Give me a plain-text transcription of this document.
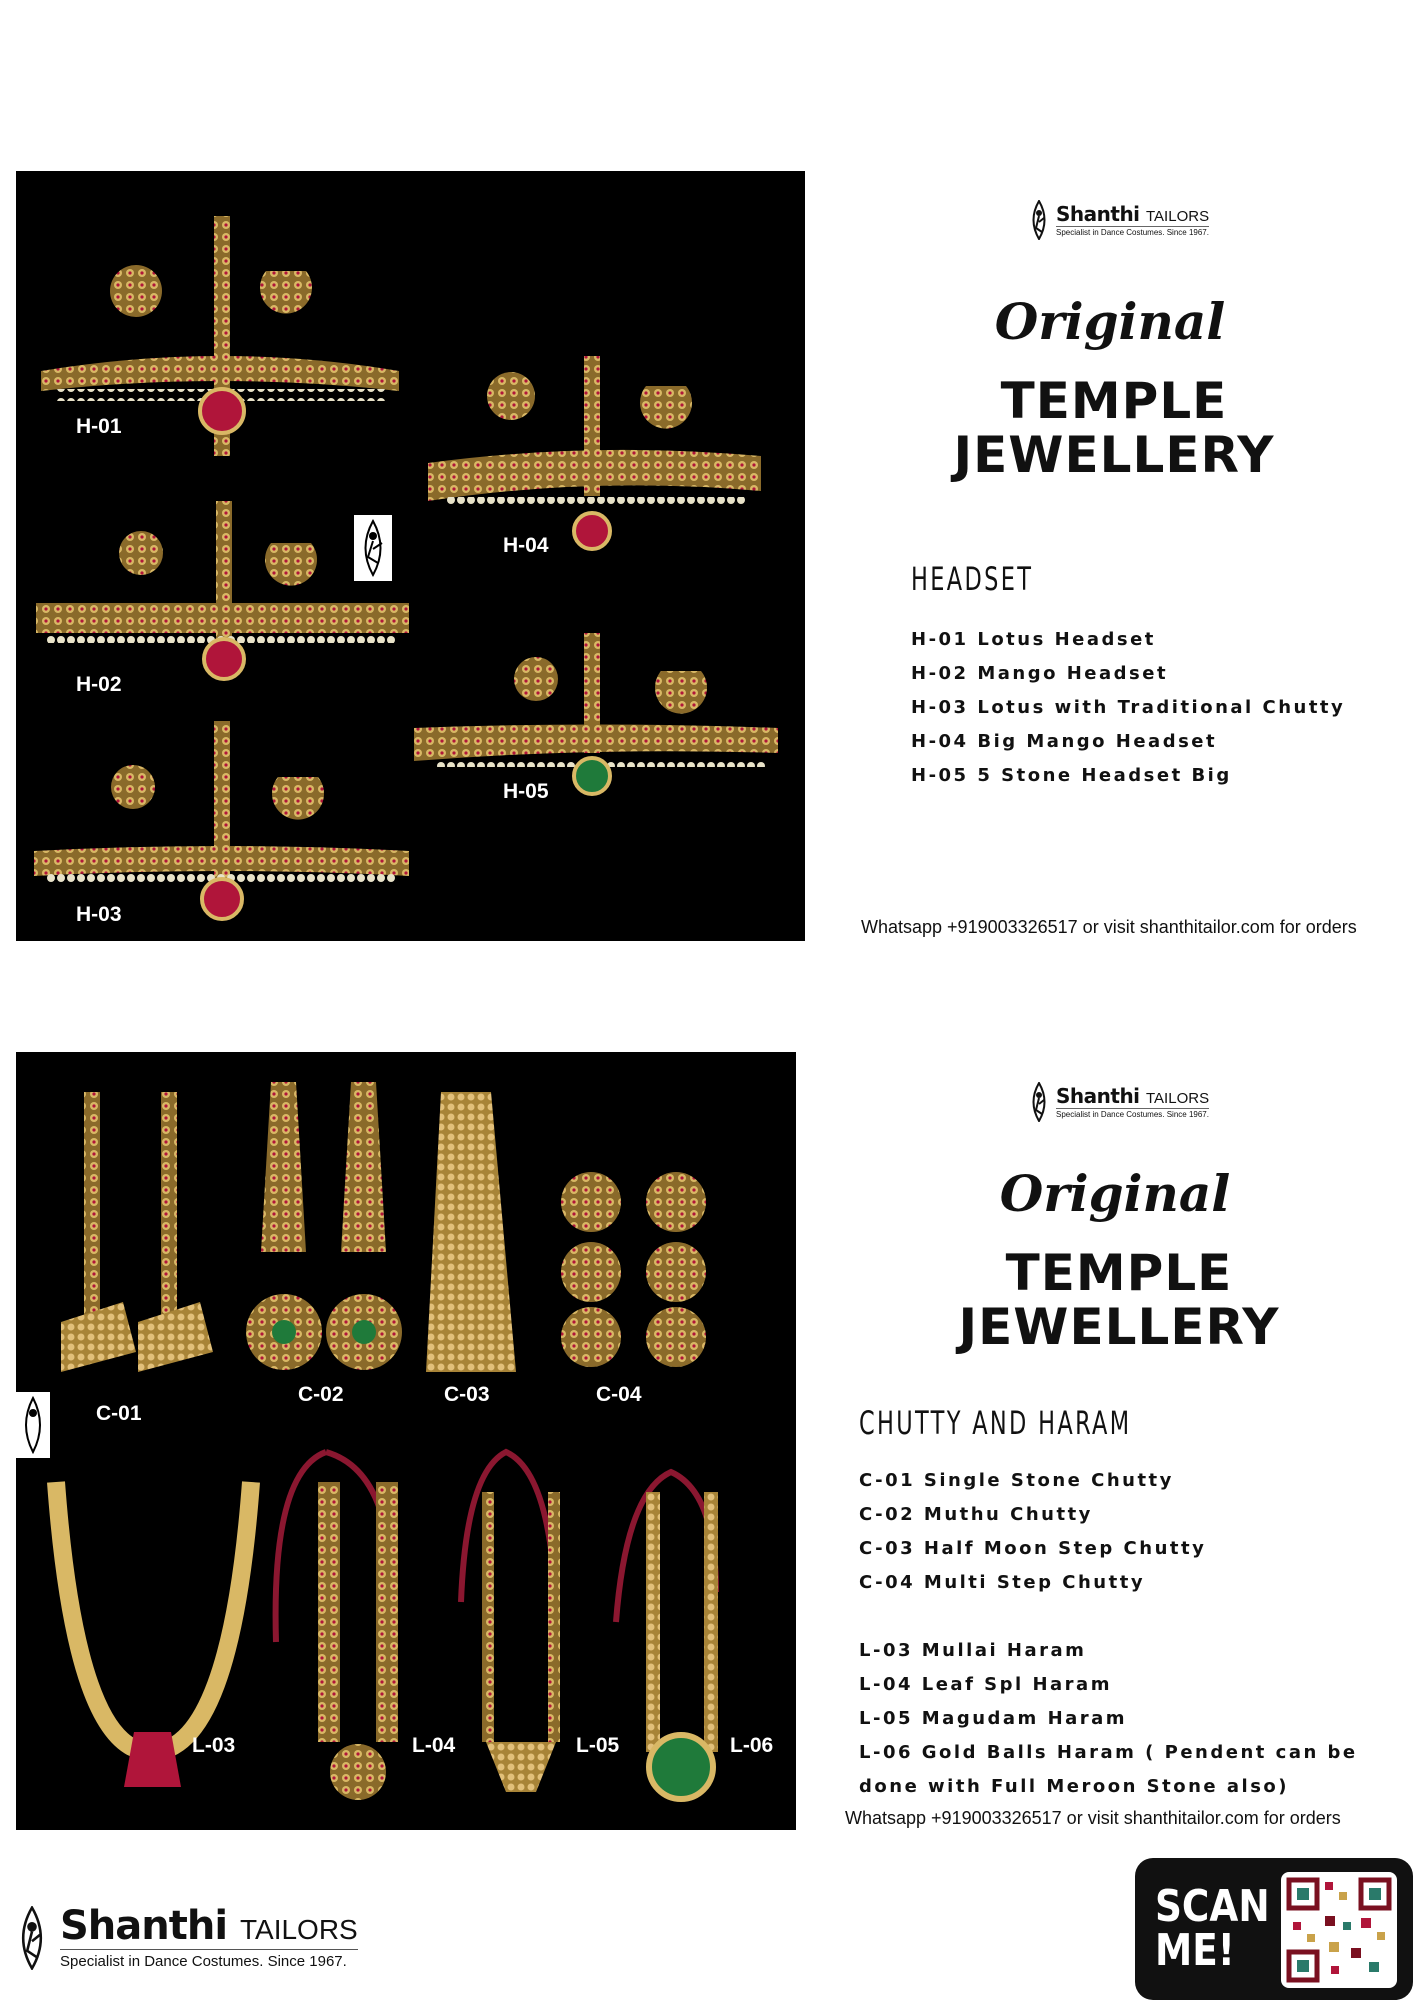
H-01
H-04
H-02
H-05
H-03
Shanthi TAILORS
Specialist in Dance Costumes. Since 1967.
Original
TEMPLE
JEWELLERY
HEADSET
H-01 Lotus Headset
H-02 Mango Headset
H-03 Lotus with Traditional Chutty
H-04 Big Mango Headset
H-05 5 Stone Headset Big
Whatsapp +919003326517 or visit shanthitailor.com for orders
C-01
C-02	C-03	C-04
L-03	L-04	L-05	L-06
Shanthi TAILORS
Specialist in Dance Costumes. Since 1967.
Original
TEMPLE
JEWELLERY
CHUTTY AND HARAM
C-01 Single Stone Chutty
C-02 Muthu Chutty
C-03 Half Moon Step Chutty
C-04 Multi Step Chutty
L-03 Mullai Haram
L-04 Leaf Spl Haram
L-05 Magudam Haram
L-06 Gold Balls Haram ( Pendent can be
done with Full Meroon Stone also)
Whatsapp +919003326517 or visit shanthitailor.com for orders
Shanthi TAILORS
Specialist in Dance Costumes. Since 1967.
SCAN
ME!
